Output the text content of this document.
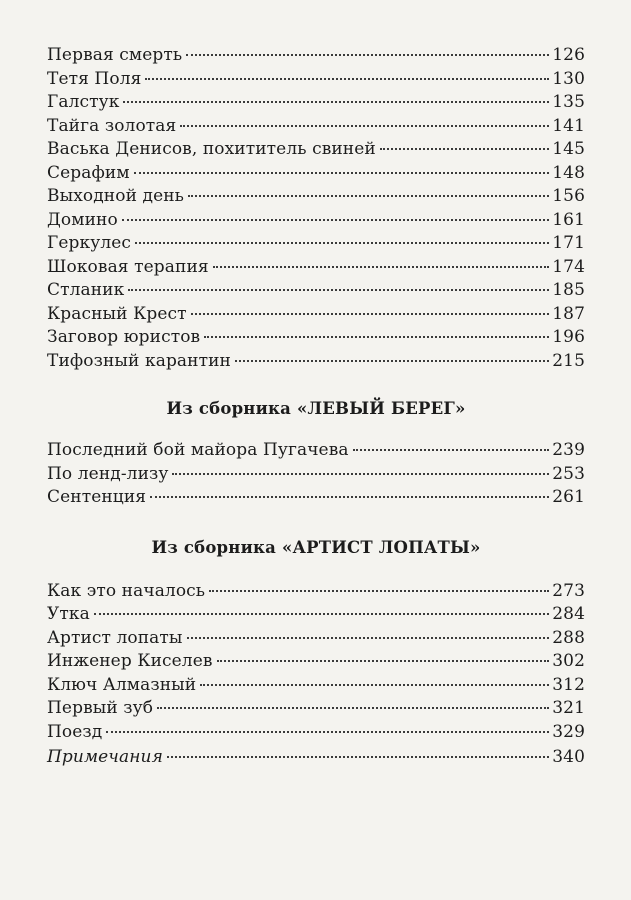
Первая смерть	126
Тетя Поля	130
Галстук	135
Тайга золотая	141
Васька Денисов, похититель свиней	145
Серафим	148
Выходной день	156
Домино	161
Геркулес	171
Шоковая терапия	174
Стланик	185
Красный Крест	187
Заговор юристов	196
Тифозный карантин	215
Из сборника «ЛЕВЫЙ БЕРЕГ»
Последний бой майора Пугачева	239
По ленд-лизу	253
Сентенция	261
Из сборника «АРТИСТ ЛОПАТЫ»
Как это началось	273
Утка	284
Артист лопаты	288
Инженер Киселев	302
Ключ Алмазный	312
Первый зуб	321
Поезд	329
Примечания	340
